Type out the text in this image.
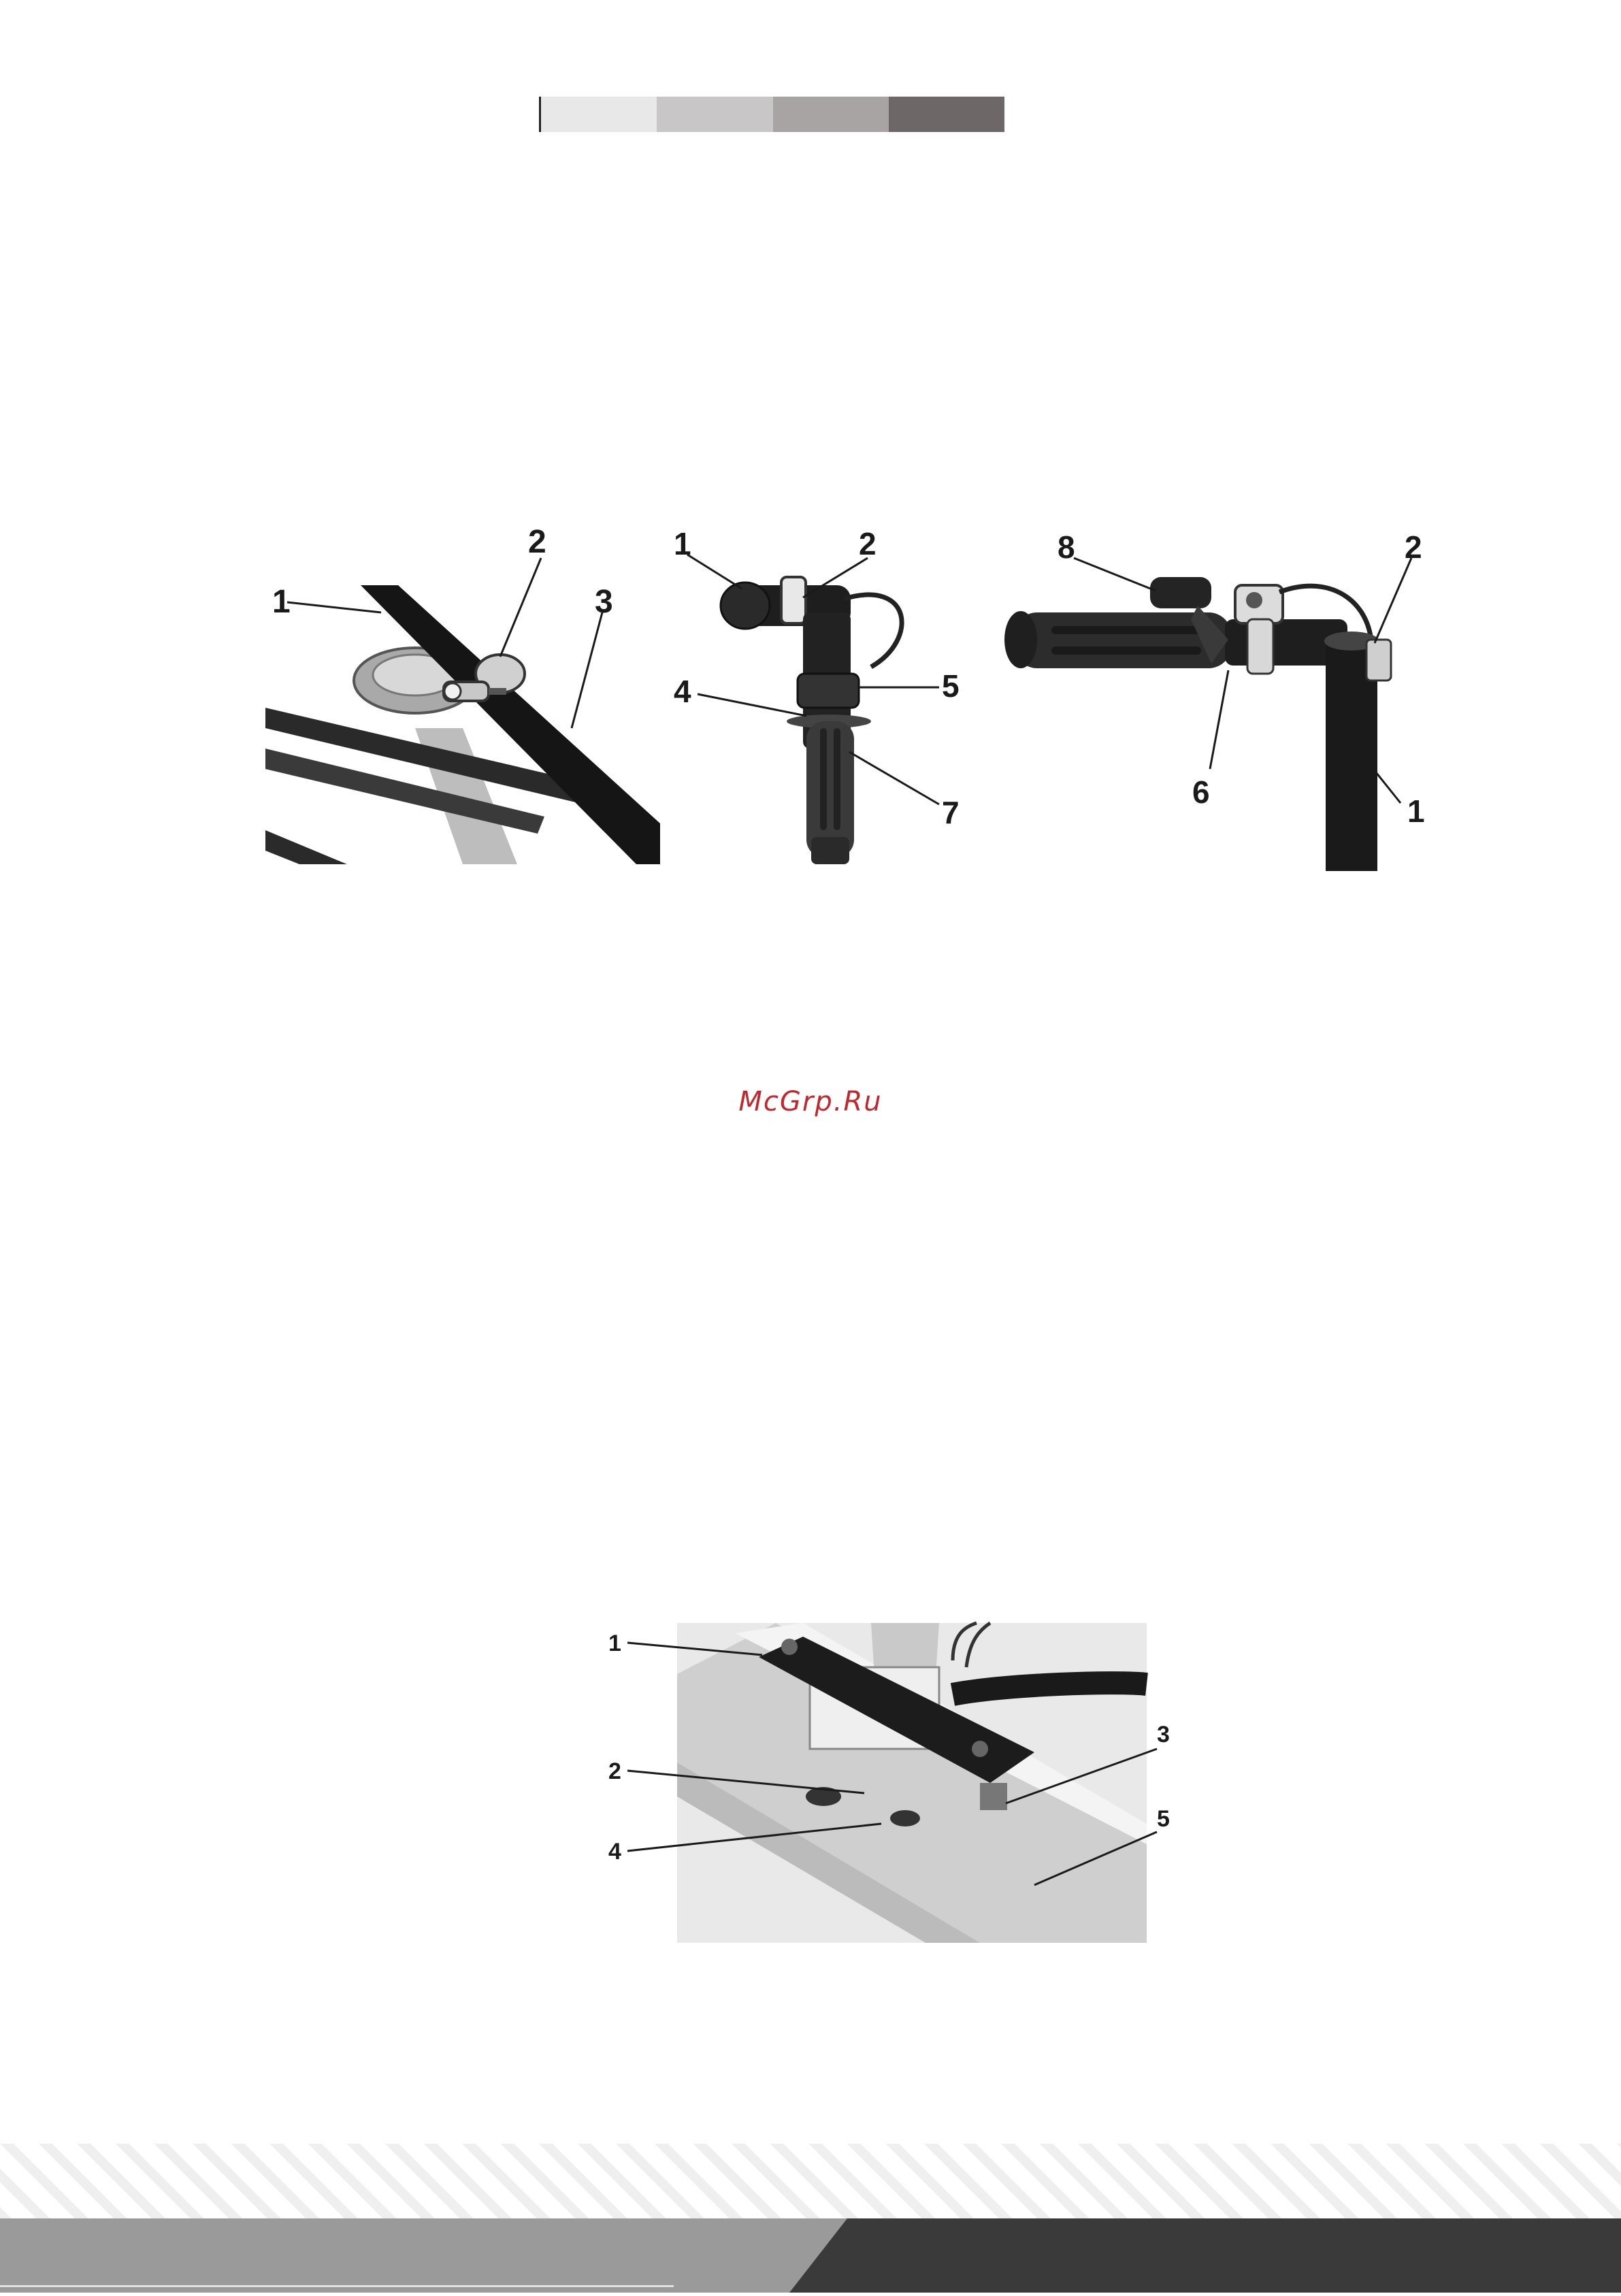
1
2
3
1	2
4	5
7
8	2
6
1
McGrp.Ru
1
2
4
3
5
